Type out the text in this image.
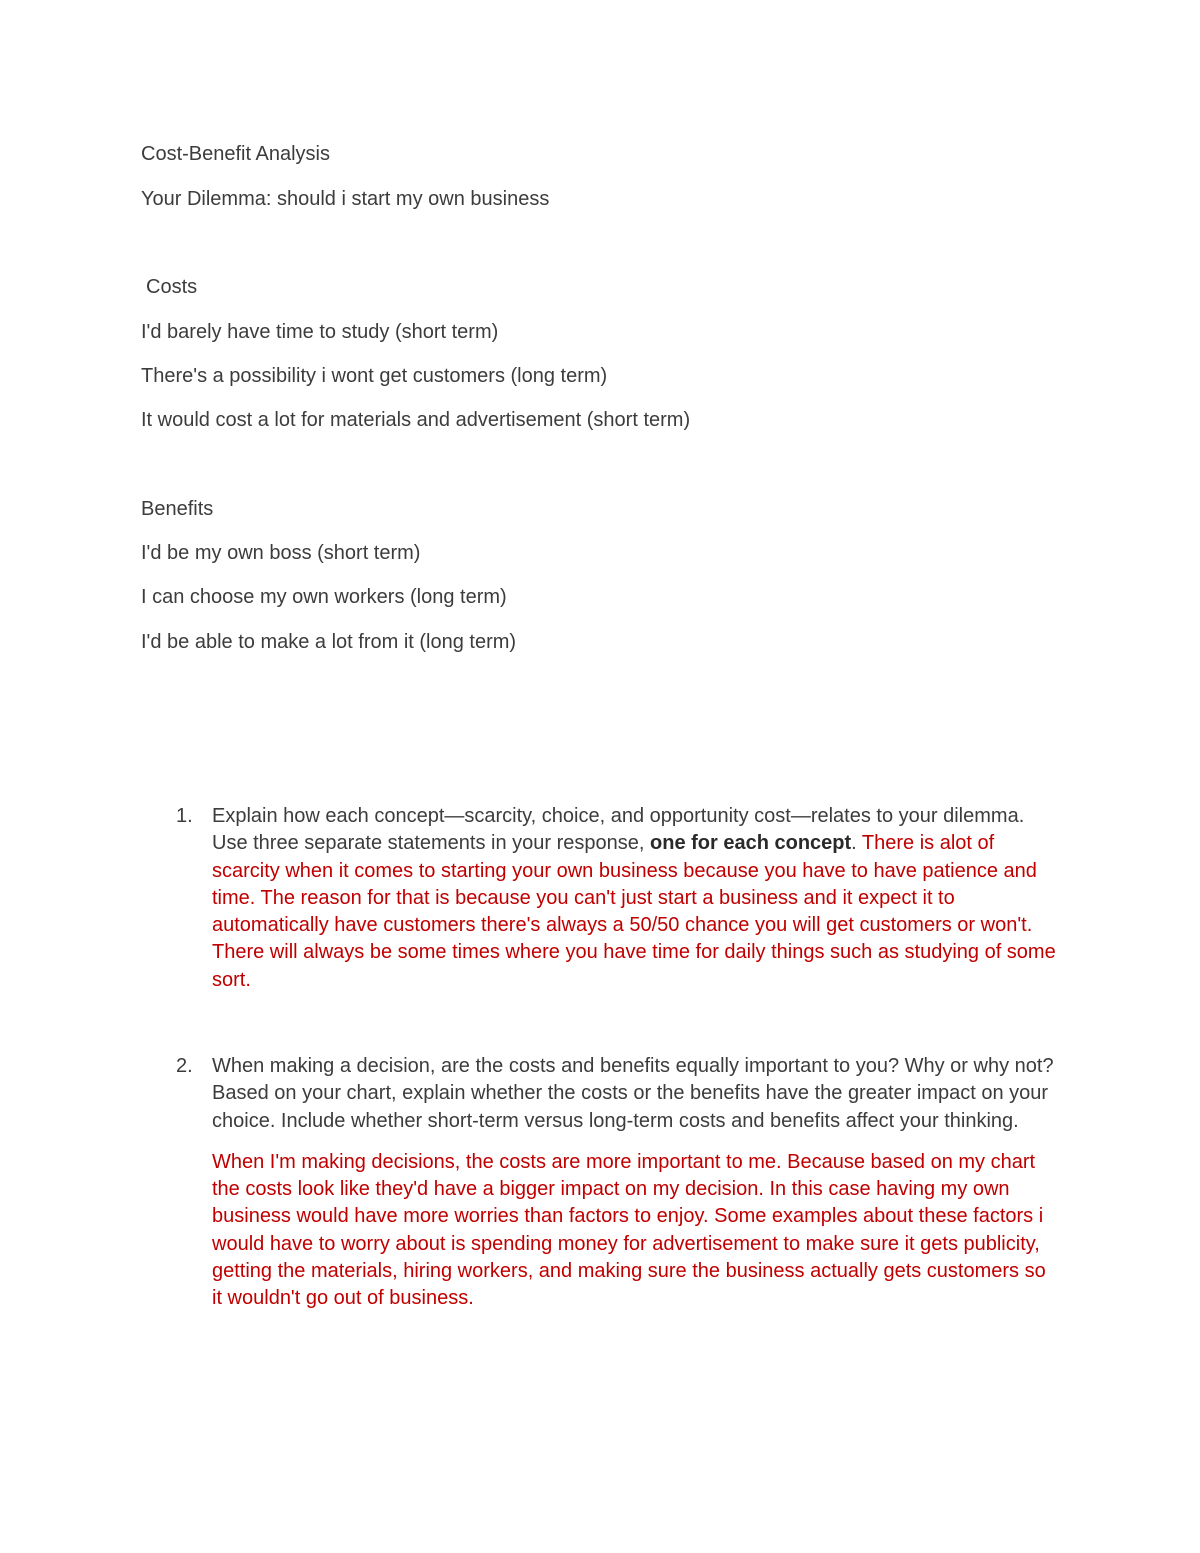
Cost-Benefit Analysis
Your Dilemma: should i start my own business
Costs
I'd barely have time to study (short term)
There's a possibility i wont get customers (long term)
It would cost a lot for materials and advertisement (short term)
Benefits
I'd be my own boss (short term)
I can choose my own workers (long term)
I'd be able to make a lot from it (long term)
1. Explain how each concept—scarcity, choice, and opportunity cost—relates to your dilemma. Use three separate statements in your response, one for each concept. There is alot of scarcity when it comes to starting your own business because you have to have patience and time. The reason for that is because you can't just start a business and it expect it to automatically have customers there's always a 50/50 chance you will get customers or won't. There will always be some times where you have time for daily things such as studying of some sort.
2. When making a decision, are the costs and benefits equally important to you? Why or why not? Based on your chart, explain whether the costs or the benefits have the greater impact on your choice. Include whether short-term versus long-term costs and benefits affect your thinking.
When I'm making decisions, the costs are more important to me. Because based on my chart the costs look like they'd have a bigger impact on my decision. In this case having my own business would have more worries than factors to enjoy. Some examples about these factors i would have to worry about is spending money for advertisement to make sure it gets publicity, getting the materials, hiring workers, and making sure the business actually gets customers so it wouldn't go out of business.
